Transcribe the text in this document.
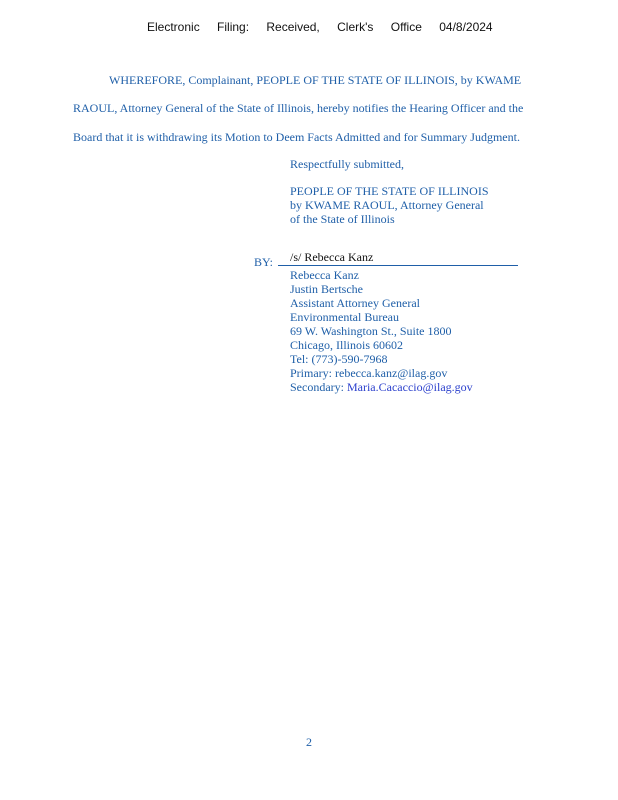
Electronic Filing: Received, Clerk's Office 04/8/2024
WHEREFORE, Complainant, PEOPLE OF THE STATE OF ILLINOIS, by KWAME
RAOUL, Attorney General of the State of Illinois, hereby notifies the Hearing Officer and the
Board that it is withdrawing its Motion to Deem Facts Admitted and for Summary Judgment.
Respectfully submitted,
PEOPLE OF THE STATE OF ILLINOIS
by KWAME RAOUL, Attorney General
of the State of Illinois
BY: /s/ Rebecca Kanz
Rebecca Kanz
Justin Bertsche
Assistant Attorney General
Environmental Bureau
69 W. Washington St., Suite 1800
Chicago, Illinois 60602
Tel: (773)-590-7968
Primary: rebecca.kanz@ilag.gov
Secondary: Maria.Cacaccio@ilag.gov
2
